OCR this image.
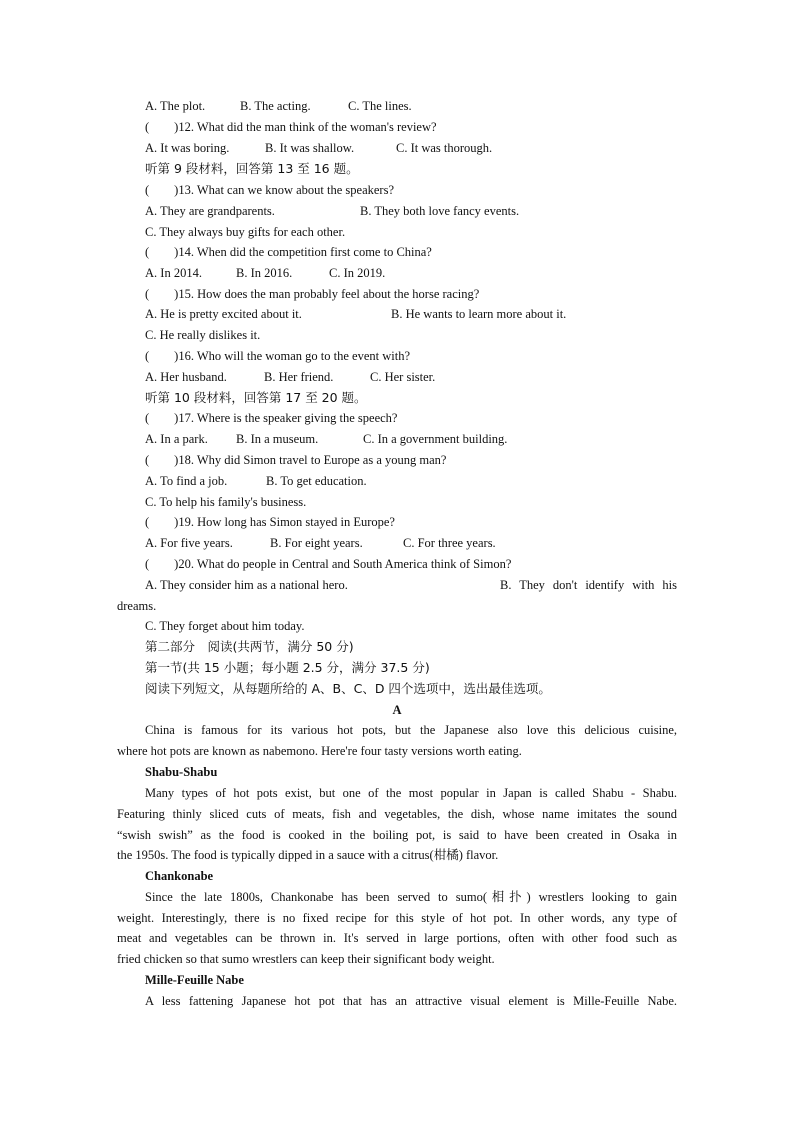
A. The plot.	B. The acting.	C. The lines.
(　　)12. What did the man think of the woman's review?
A. It was boring.	B. It was shallow.	C. It was thorough.
听第 9 段材料，回答第 13 至 16 题。
(　　)13. What can we know about the speakers?
A. They are grandparents.	B. They both love fancy events.
C. They always buy gifts for each other.
(　　)14. When did the competition first come to China?
A. In 2014.	B. In 2016.	C. In 2019.
(　　)15. How does the man probably feel about the horse racing?
A. He is pretty excited about it.	B. He wants to learn more about it.
C. He really dislikes it.
(　　)16. Who will the woman go to the event with?
A. Her husband.	B. Her friend.	C. Her sister.
听第 10 段材料，回答第 17 至 20 题。
(　　)17. Where is the speaker giving the speech?
A. In a park. B. In a museum.	C. In a government building.
(　　)18. Why did Simon travel to Europe as a young man?
A. To find a job.	B. To get education.
C. To help his family's business.
(　　)19. How long has Simon stayed in Europe?
A. For five years.	B. For eight years.	C. For three years.
(　　)20. What do people in Central and South America think of Simon?
A. They consider him as a national hero.	B. They don't identify with his
dreams.
C. They forget about him today.
第二部分　阅读(共两节，满分 50 分)
第一节(共 15 小题；每小题 2.5 分，满分 37.5 分)
阅读下列短文，从每题所给的 A、B、C、D 四个选项中，选出最佳选项。
A
China is famous for its various hot pots, but the Japanese also love this delicious cuisine,
where hot pots are known as nabemono. Here're four tasty versions worth eating.
Shabu-Shabu
Many types of hot pots exist, but one of the most popular in Japan is called Shabu - Shabu.
Featuring thinly sliced cuts of meats, fish and vegetables, the dish, whose name imitates the sound
“swish swish” as the food is cooked in the boiling pot, is said to have been created in Osaka in
the 1950s. The food is typically dipped in a sauce with a citrus(柑橘) flavor.
Chankonabe
Since the late 1800s, Chankonabe has been served to sumo(相扑) wrestlers looking to gain
weight. Interestingly, there is no fixed recipe for this style of hot pot. In other words, any type of
meat and vegetables can be thrown in. It's served in large portions, often with other food such as
fried chicken so that sumo wrestlers can keep their significant body weight.
Mille-Feuille Nabe
A less fattening Japanese hot pot that has an attractive visual element is Mille-Feuille Nabe.
